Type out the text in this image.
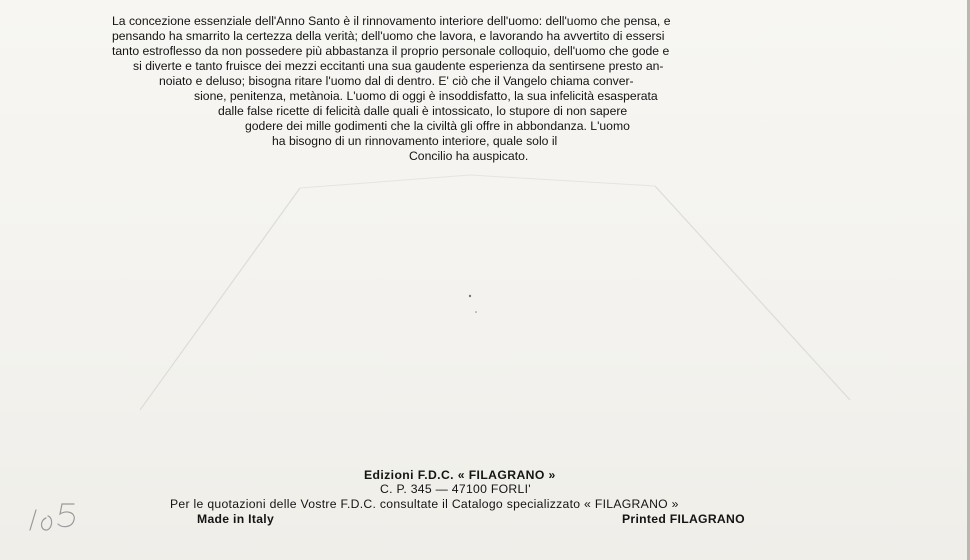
La concezione essenziale dell'Anno Santo è il rinnovamento interiore dell'uomo: dell'uomo che pensa, e
pensando ha smarrito la certezza della verità; dell'uomo che lavora, e lavorando ha avvertito di essersi
tanto estroflesso da non possedere più abbastanza il proprio personale colloquio, dell'uomo che gode e
si diverte e tanto fruisce dei mezzi eccitanti una sua gaudente esperienza da sentirsene presto an-
noiato e deluso; bisogna ritare l'uomo dal di dentro. E' ciò che il Vangelo chiama conver-
sione, penitenza, metànoia. L'uomo di oggi è insoddisfatto, la sua infelicità esasperata
dalle false ricette di felicità dalle quali è intossicato, lo stupore di non sapere
godere dei mille godimenti che la civiltà gli offre in abbondanza. L'uomo
ha bisogno di un rinnovamento interiore, quale solo il
Concilio ha auspicato.
Edizioni F.D.C. « FILAGRANO »
C. P. 345 — 47100 FORLI'
Per le quotazioni delle Vostre F.D.C. consultate il Catalogo specializzato « FILAGRANO »
Made in Italy	Printed FILAGRANO
